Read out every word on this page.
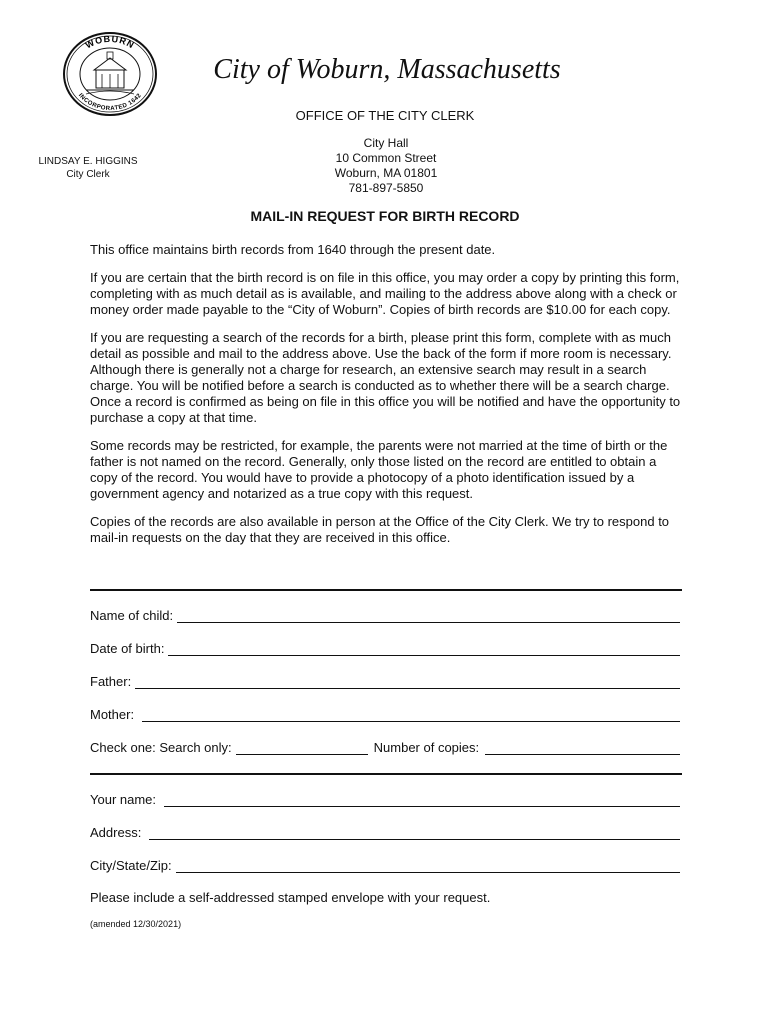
WOBURN
INCORPORATED 1642
City of Woburn, Massachusetts
OFFICE OF THE CITY CLERK
City Hall
10 Common Street
Woburn, MA 01801
781-897-5850
LINDSAY E. HIGGINS
City Clerk
MAIL-IN REQUEST FOR BIRTH RECORD

This office maintains birth records from 1640 through the present date.

If you are certain that the birth record is on file in this office, you may order a copy by printing this form, completing with as much detail as is available, and mailing to the address above along with a check or money order made payable to the “City of Woburn”. Copies of birth records are $10.00 for each copy.

If you are requesting a search of the records for a birth, please print this form, complete with as much detail as possible and mail to the address above. Use the back of the form if more room is necessary. Although there is generally not a charge for research, an extensive search may result in a search charge. You will be notified before a search is conducted as to whether there will be a search charge. Once a record is confirmed as being on file in this office you will be notified and have the opportunity to purchase a copy at that time.

Some records may be restricted, for example, the parents were not married at the time of birth or the father is not named on the record. Generally, only those listed on the record are entitled to obtain a copy of the record. You would have to provide a photocopy of a photo identification issued by a government agency and notarized as a true copy with this request.

Copies of the records are also available in person at the Office of the City Clerk. We try to respond to mail-in requests on the day that they are received in this office.

Name of child:
Date of birth:
Father:
Mother:
Check one: Search only:	Number of copies:
Your name:
Address:
City/State/Zip:
Please include a self-addressed stamped envelope with your request.
(amended 12/30/2021)
